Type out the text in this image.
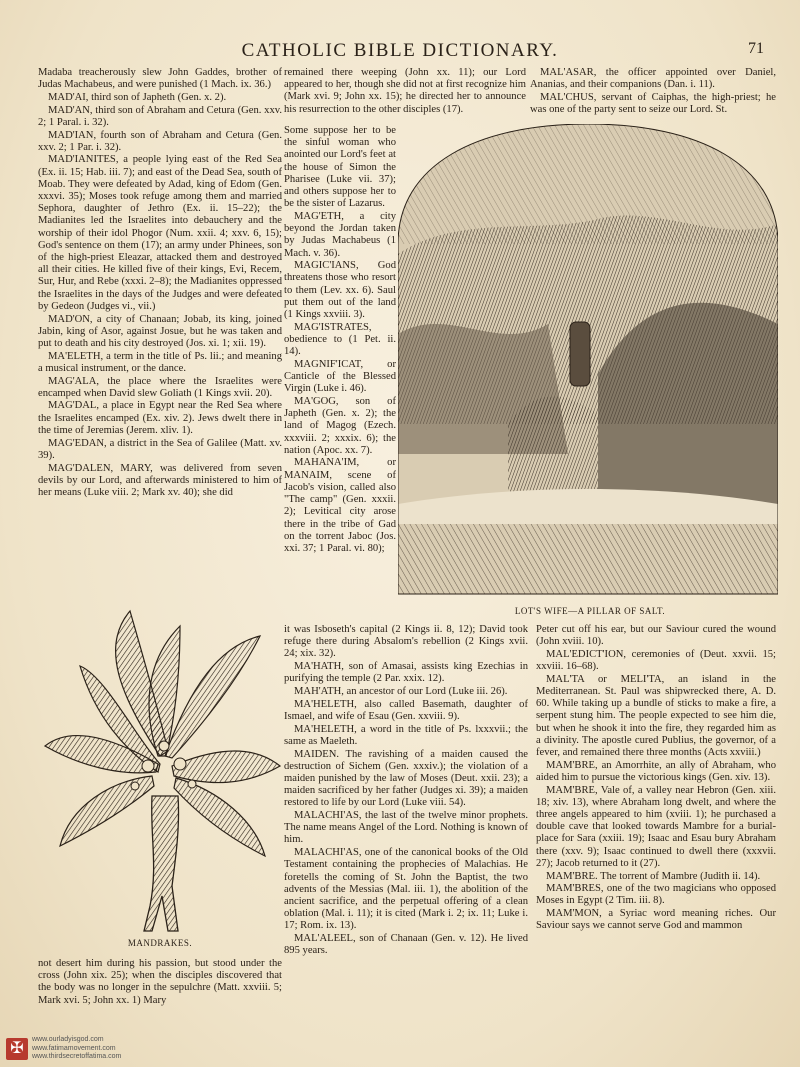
CATHOLIC BIBLE DICTIONARY.	71

Madaba treacherously slew John Gaddes, brother of Judas Machabeus, and were punished (1 Mach. ix. 36.)

MAD'AI, third son of Japheth (Gen. x. 2).

MAD'AN, third son of Abraham and Cetura (Gen. xxv. 2; 1 Paral. i. 32).

MAD'IAN, fourth son of Abraham and Cetura (Gen. xxv. 2; 1 Par. i. 32).

MAD'IANITES, a people lying east of the Red Sea (Ex. ii. 15; Hab. iii. 7); and east of the Dead Sea, south of Moab. They were defeated by Adad, king of Edom (Gen. xxxvi. 35); Moses took refuge among them and married Sephora, daughter of Jethro (Ex. ii. 15–22); the Madianites led the Israelites into debauchery and the worship of their idol Phogor (Num. xxii. 4; xxv. 6, 15); God's sentence on them (17); an army under Phinees, son of the high-priest Eleazar, attacked them and destroyed all their cities. He killed five of their kings, Evi, Recem, Sur, Hur, and Rebe (xxxi. 2–8); the Madianites oppressed the Israelites in the days of the Judges and were defeated by Gedeon (Judges vi., vii.)

MAD'ON, a city of Chanaan; Jobab, its king, joined Jabin, king of Asor, against Josue, but he was taken and put to death and his city destroyed (Jos. xi. 1; xii. 19).

MA'ELETH, a term in the title of Ps. lii.; and meaning a musical instrument, or the dance.

MAG'ALA, the place where the Israelites were encamped when David slew Goliath (1 Kings xvii. 20).

MAG'DAL, a place in Egypt near the Red Sea where the Israelites encamped (Ex. xiv. 2). Jews dwelt there in the time of Jeremias (Jerem. xliv. 1).

MAG'EDAN, a district in the Sea of Galilee (Matt. xv. 39).

MAG'DALEN, MARY, was delivered from seven devils by our Lord, and afterwards ministered to him of her means (Luke viii. 2; Mark xv. 40); she did

MANDRAKES.

not desert him during his passion, but stood under the cross (John xix. 25); when the disciples discovered that the body was no longer in the sepulchre (Matt. xxviii. 5; Mark xvi. 5; John xx. 1) Mary

remained there weeping (John xx. 11); our Lord appeared to her, though she did not at first recognize him (Mark xvi. 9; John xx. 15); he directed her to announce his resurrection to the other disciples (17).

Some suppose her to be the sinful woman who anointed our Lord's feet at the house of Simon the Pharisee (Luke vii. 37); and others suppose her to be the sister of Lazarus.

MAG'ETH, a city beyond the Jordan taken by Judas Machabeus (1 Mach. v. 36).

MAGIC'IANS, God threatens those who resort to them (Lev. xx. 6). Saul put them out of the land (1 Kings xxviii. 3).

MAG'ISTRATES, obedience to (1 Pet. ii. 14).

MAGNIF'ICAT, or Canticle of the Blessed Virgin (Luke i. 46).

MA'GOG, son of Japheth (Gen. x. 2); the land of Magog (Ezech. xxxviii. 2; xxxix. 6); the nation (Apoc. xx. 7).

MAHANA'IM, or MANAIM, scene of Jacob's vision, called also "The camp" (Gen. xxxii. 2); Levitical city arose there in the tribe of Gad on the torrent Jaboc (Jos. xxi. 37; 1 Paral. vi. 80);

LOT'S WIFE—A PILLAR OF SALT.

it was Isboseth's capital (2 Kings ii. 8, 12); David took refuge there during Absalom's rebellion (2 Kings xvii. 24; xix. 32).

MA'HATH, son of Amasai, assists king Ezechias in purifying the temple (2 Par. xxix. 12).

MAH'ATH, an ancestor of our Lord (Luke iii. 26).

MA'HELETH, also called Basemath, daughter of Ismael, and wife of Esau (Gen. xxviii. 9).

MA'HELETH, a word in the title of Ps. lxxxvii.; the same as Maeleth.

MAIDEN. The ravishing of a maiden caused the destruction of Sichem (Gen. xxxiv.); the violation of a maiden punished by the law of Moses (Deut. xxii. 23); a maiden sacrificed by her father (Judges xi. 39); a maiden restored to life by our Lord (Luke viii. 54).

MALACHI'AS, the last of the twelve minor prophets. The name means Angel of the Lord. Nothing is known of him.

MALACHI'AS, one of the canonical books of the Old Testament containing the prophecies of Malachias. He foretells the coming of St. John the Baptist, the two advents of the Messias (Mal. iii. 1), the abolition of the ancient sacrifice, and the perpetual offering of a clean oblation (Mal. i. 11); it is cited (Mark i. 2; ix. 11; Luke i. 17; Rom. ix. 13).

MAL'ALEEL, son of Chanaan (Gen. v. 12). He lived 895 years.

MAL'ASAR, the officer appointed over Daniel, Ananias, and their companions (Dan. i. 11).

MAL'CHUS, servant of Caiphas, the high-priest; he was one of the party sent to seize our Lord. St.

Peter cut off his ear, but our Saviour cured the wound (John xviii. 10).

MAL'EDICT'ION, ceremonies of (Deut. xxvii. 15; xxviii. 16–68).

MAL'TA or MELI'TA, an island in the Mediterranean. St. Paul was shipwrecked there, A. D. 60. While taking up a bundle of sticks to make a fire, a serpent stung him. The people expected to see him die, but when he shook it into the fire, they regarded him as a divinity. The apostle cured Publius, the governor, of a fever, and remained there three months (Acts xxviii.)

MAM'BRE, an Amorrhite, an ally of Abraham, who aided him to pursue the victorious kings (Gen. xiv. 13).

MAM'BRE, Vale of, a valley near Hebron (Gen. xiii. 18; xiv. 13), where Abraham long dwelt, and where the three angels appeared to him (xviii. 1); he purchased a double cave that looked towards Mambre for a burial-place for Sara (xxiii. 19); Isaac and Esau bury Abraham there (xxv. 9); Isaac continued to dwell there (xxxvii. 27); Jacob returned to it (27).

MAM'BRE. The torrent of Mambre (Judith ii. 14).

MAM'BRES, one of the two magicians who opposed Moses in Egypt (2 Tim. iii. 8).

MAM'MON, a Syriac word meaning riches. Our Saviour says we cannot serve God and mammon

✠
www.ourladyisgod.com
www.fatimamovement.com
www.thirdsecretoffatima.com
